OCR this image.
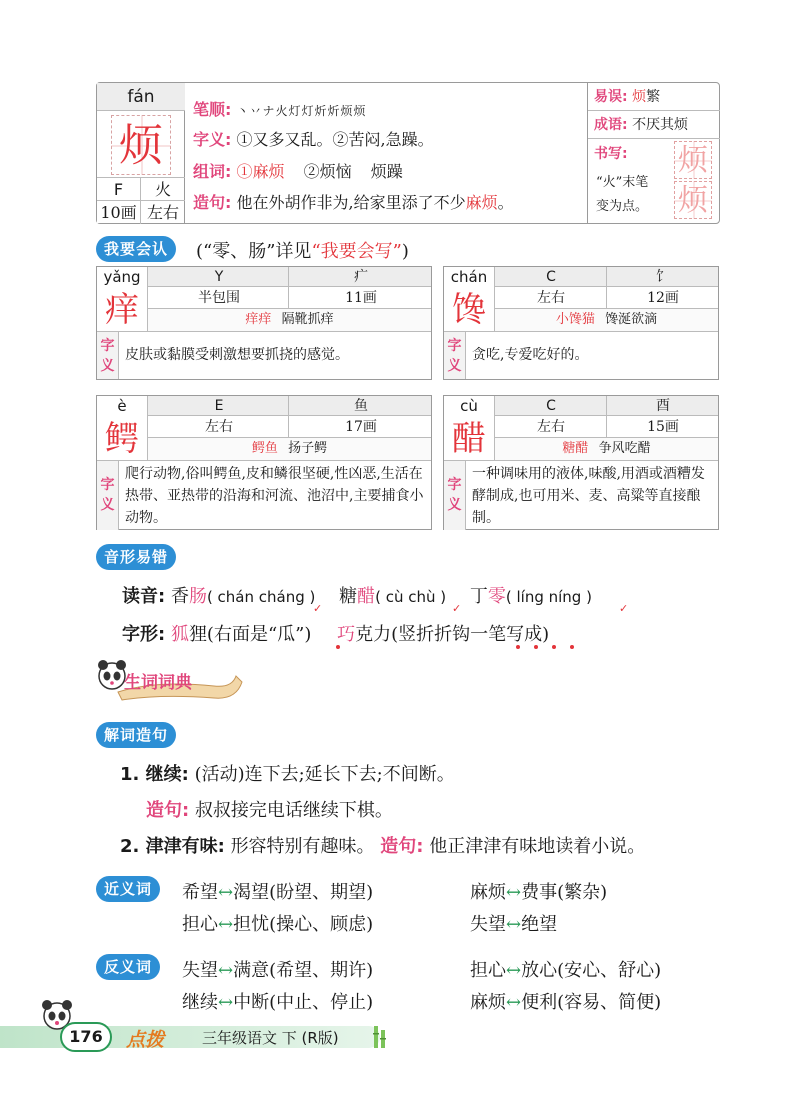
fán
烦
F	火
10画 左右
笔顺: 丶丷ナ火灯灯炘炘烦烦
字义: ①又多又乱。②苦闷,急躁。
组词: ①麻烦 ②烦恼 烦躁
造句: 他在外胡作非为,给家里添了不少麻烦。
易误: 烦繁
成语: 不厌其烦
书写:
“火”末笔
变为点。
烦
烦
我要会认	(“零、肠”详见“我要会写”)
yǎng
痒
Y	疒
半包围	11画
痒痒 隔靴抓痒
字义
皮肤或黏膜受刺激想要抓挠的感觉。
chán
馋
C	饣
左右	12画
小馋猫 馋涎欲滴
字义
贪吃,专爱吃好的。
è
鳄
E	鱼
左右	17画
鳄鱼 扬子鳄
字义
爬行动物,俗叫鳄鱼,皮和鳞很坚硬,性凶恶,生活在热带、亚热带的沿海和河流、池沼中,主要捕食小动物。
cù
醋
C	酉
左右	15画
糖醋 争风吃醋
字义
一种调味用的液体,味酸,用酒或酒糟发酵制成,也可用米、麦、高粱等直接酿制。
音形易错
读音: 香肠( chán cháng ) 糖醋( cù chù ) 丁零( líng níng )
✓	✓	✓
字形: 狐狸(右面是“瓜”) 巧克力(竖折折钩一笔写成)
生词词典
解词造句
1. 继续: (活动)连下去;延长下去;不间断。
造句: 叔叔接完电话继续下棋。
2. 津津有味: 形容特别有趣味。 造句: 他正津津有味地读着小说。
近义词	希望↔渴望(盼望、期望)	麻烦↔费事(繁杂)
担心↔担忧(操心、顾虑)	失望↔绝望
反义词	失望↔满意(希望、期许)	担心↔放心(安心、舒心)
继续↔中断(中止、停止)	麻烦↔便利(容易、简便)
176	点拨	三年级语文 下 (R版)
